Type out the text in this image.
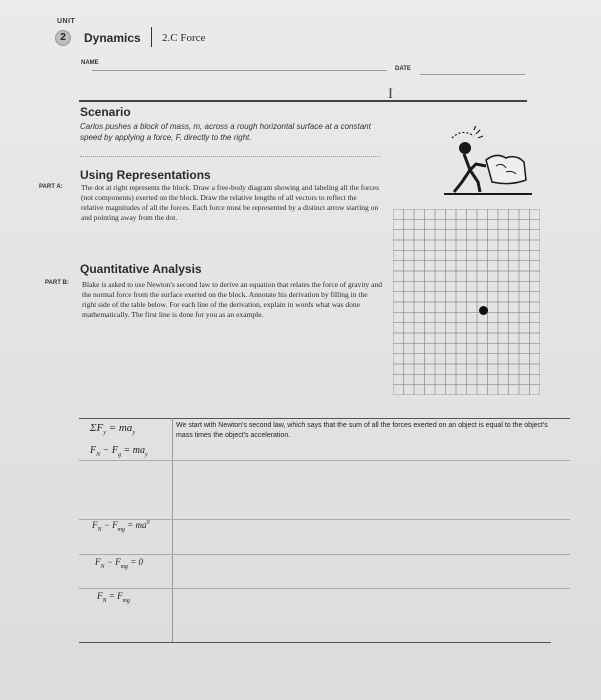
UNIT
2	Dynamics 2.C Force
NAME
DATE
I
Scenario
Carlos pushes a block of mass, m, across a rough horizontal surface at a constant speed by applying a force, F, directly to the right.
Using Representations
PART A: The dot at right represents the block. Draw a free-body diagram showing and labeling all the forces (not components) exerted on the block. Draw the relative lengths of all vectors to reflect the relative magnitudes of all the forces. Each force must be represented by a distinct arrow starting on and pointing away from the dot.
Quantitative Analysis
PART B: Blake is asked to use Newton's second law to derive an equation that relates the force of gravity and the normal force from the surface exerted on the block. Annotate his derivation by filling in the right side of the table below. For each line of the derivation, explain in words what was done mathematically. The first line is done for you as an example.
$\Sigma F_y = ma_y$
We start with Newton's second law, which says that the sum of all the forces exerted on an object is equal to the object's mass times the object's acceleration.
$F_N - F_g = ma_y$
$F_N - F_{mg} = ma^0$
$F_N - F_{mg} = 0$
$F_N = F_{mg}$
